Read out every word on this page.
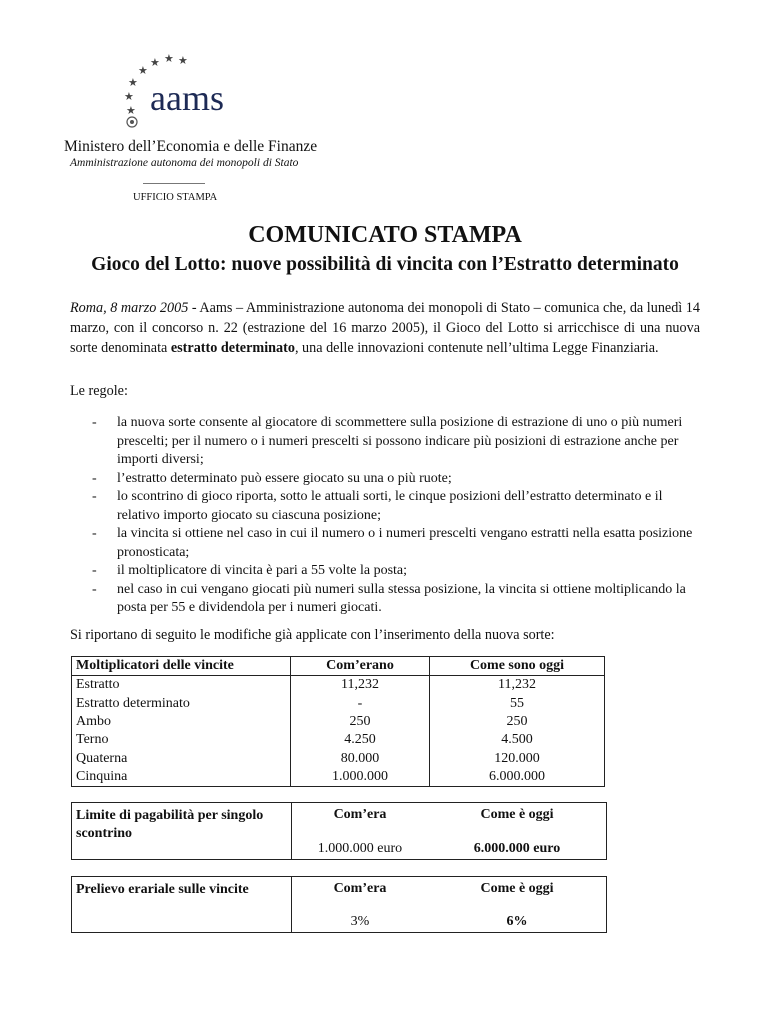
★ ★ ★
★
★
★
★ aams
Ministero dell’Economia e delle Finanze
Amministrazione autonoma dei monopoli di Stato
UFFICIO STAMPA
COMUNICATO STAMPA
Gioco del Lotto: nuove possibilità di vincita con l’Estratto determinato

Roma, 8 marzo 2005 - Aams – Amministrazione autonoma dei monopoli di Stato – comunica che, da lunedì 14 marzo, con il concorso n. 22 (estrazione del 16 marzo 2005), il Gioco del Lotto si arricchisce di una nuova sorte denominata estratto determinato, una delle innovazioni contenute nell’ultima Legge Finanziaria.

Le regole:
- la nuova sorte consente al giocatore di scommettere sulla posizione di estrazione di uno o più numeri prescelti; per il numero o i numeri prescelti si possono indicare più posizioni di estrazione anche per importi diversi;
- l’estratto determinato può essere giocato su una o più ruote;
- lo scontrino di gioco riporta, sotto le attuali sorti, le cinque posizioni dell’estratto determinato e il relativo importo giocato su ciascuna posizione;
- la vincita si ottiene nel caso in cui il numero o i numeri prescelti vengano estratti nella esatta posizione pronosticata;
- il moltiplicatore di vincita è pari a 55 volte la posta;
- nel caso in cui vengano giocati più numeri sulla stessa posizione, la vincita si ottiene moltiplicando la posta per 55 e dividendola per i numeri giocati.
Si riportano di seguito le modifiche già applicate con l’inserimento della nuova sorte:
Moltiplicatori delle vincite	Com’erano	Come sono oggi
Estratto	11,232	11,232
Estratto determinato	-	55
Ambo	250	250
Terno	4.250	4.500
Quaterna	80.000	120.000
Cinquina	1.000.000	6.000.000
Limite di pagabilità per singolo scontrino
Com’era	Come è oggi
1.000.000 euro	6.000.000 euro
Prelievo erariale sulle vincite	Com’era	Come è oggi
3%	6%
